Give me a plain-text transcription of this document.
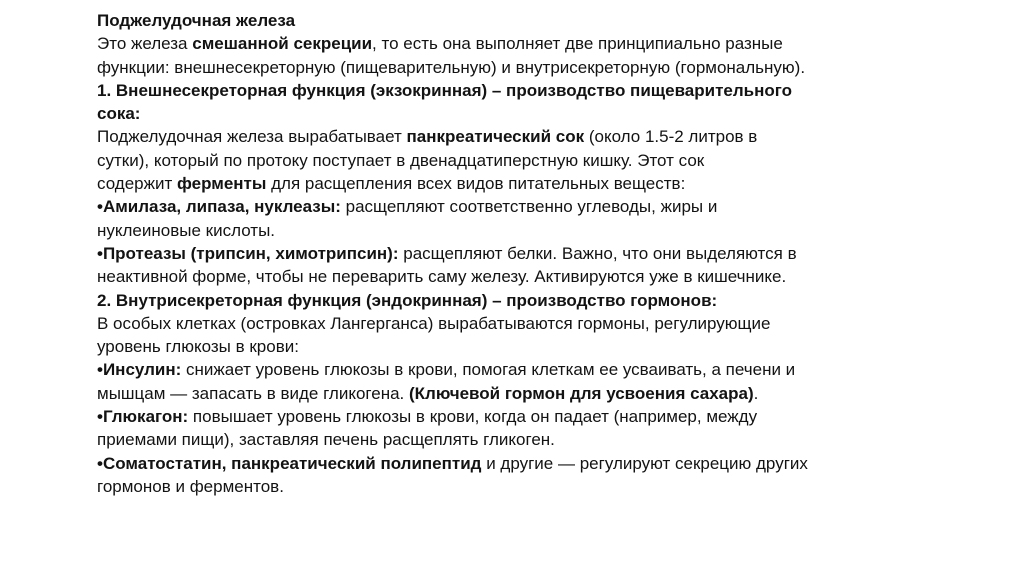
Поджелудочная железа
Это железа смешанной секреции, то есть она выполняет две принципиально разные
функции: внешнесекреторную (пищеварительную) и внутрисекреторную (гормональную).
1. Внешнесекреторная функция (экзокринная) – производство пищеварительного
сока:
Поджелудочная железа вырабатывает панкреатический сок (около 1.5-2 литров в
сутки), который по протоку поступает в двенадцатиперстную кишку. Этот сок
содержит ферменты для расщепления всех видов питательных веществ:
•Амилаза, липаза, нуклеазы: расщепляют соответственно углеводы, жиры и
нуклеиновые кислоты.
•Протеазы (трипсин, химотрипсин): расщепляют белки. Важно, что они выделяются в
неактивной форме, чтобы не переварить саму железу. Активируются уже в кишечнике.
2. Внутрисекреторная функция (эндокринная) – производство гормонов:
В особых клетках (островках Лангерганса) вырабатываются гормоны, регулирующие
уровень глюкозы в крови:
•Инсулин: снижает уровень глюкозы в крови, помогая клеткам ее усваивать, а печени и
мышцам — запасать в виде гликогена. (Ключевой гормон для усвоения сахара).
•Глюкагон: повышает уровень глюкозы в крови, когда он падает (например, между
приемами пищи), заставляя печень расщеплять гликоген.
•Соматостатин, панкреатический полипептид и другие — регулируют секрецию других
гормонов и ферментов.
